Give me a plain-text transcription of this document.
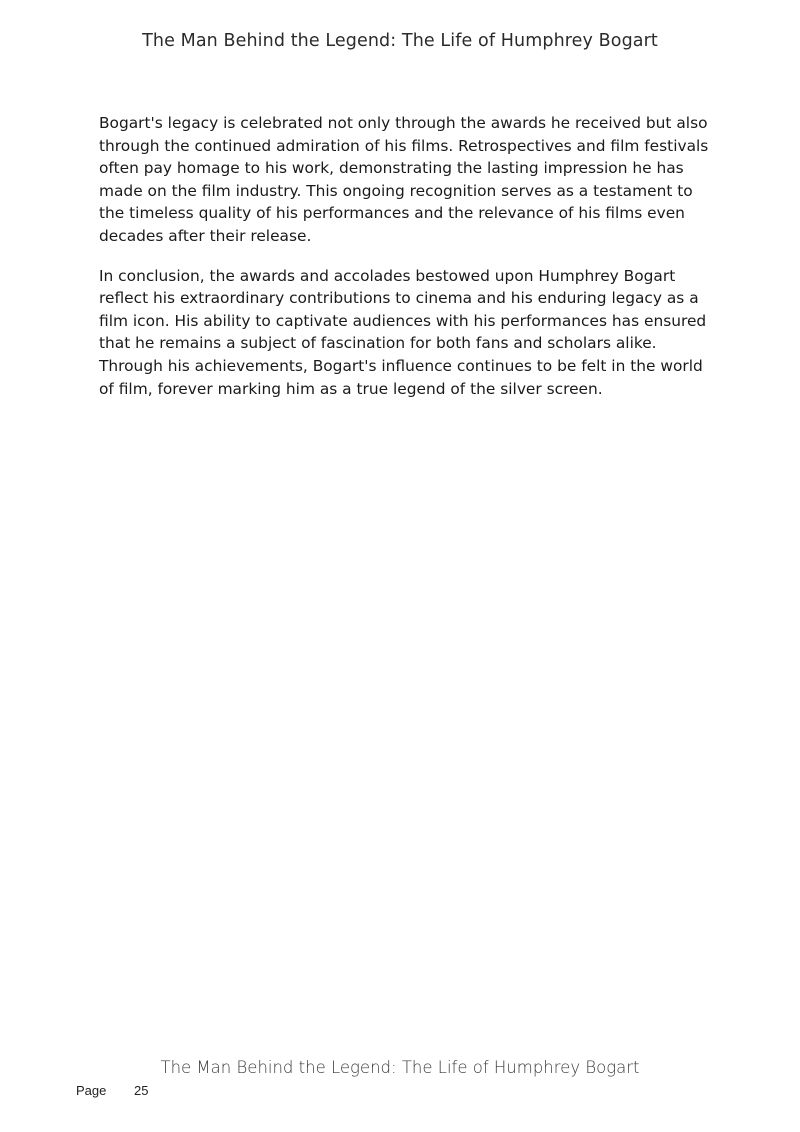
The Man Behind the Legend: The Life of Humphrey Bogart

Bogart's legacy is celebrated not only through the awards he received but also through the continued admiration of his films. Retrospectives and film festivals often pay homage to his work, demonstrating the lasting impression he has made on the film industry. This ongoing recognition serves as a testament to the timeless quality of his performances and the relevance of his films even decades after their release.

In conclusion, the awards and accolades bestowed upon Humphrey Bogart reflect his extraordinary contributions to cinema and his enduring legacy as a film icon. His ability to captivate audiences with his performances has ensured that he remains a subject of fascination for both fans and scholars alike. Through his achievements, Bogart's influence continues to be felt in the world of film, forever marking him as a true legend of the silver screen.

The Man Behind the Legend: The Life of Humphrey Bogart
Page 25
